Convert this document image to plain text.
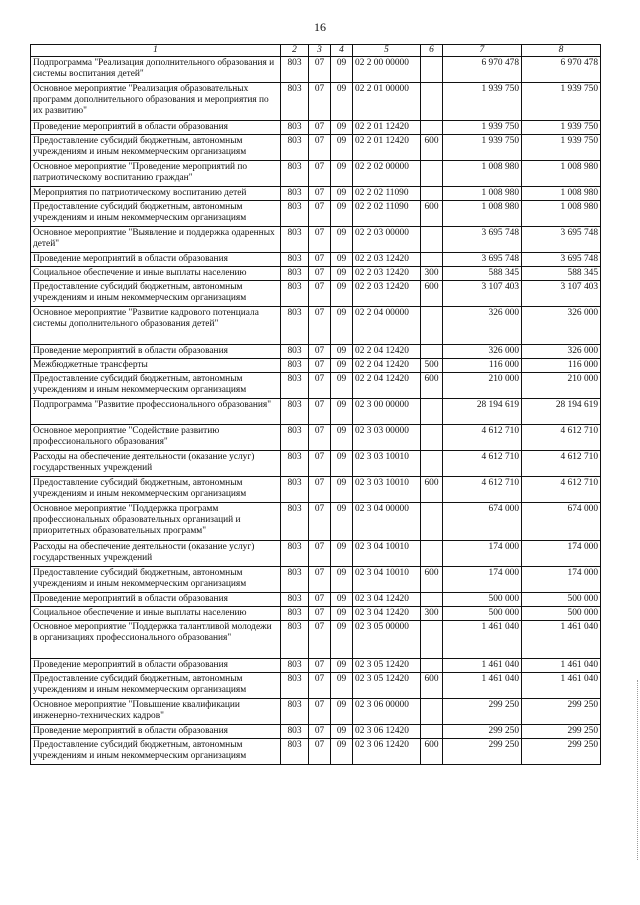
16
1	2	3	4	5	6	7	8
Подпрограмма "Реализация дополнительного образования и системы воспитания детей"	803	07	09	02 2 00 00000		6 970 478	6 970 478
Основное мероприятие "Реализация образовательных программ дополнительного образования и мероприятия по их развитию"	803	07	09	02 2 01 00000		1 939 750	1 939 750
Проведение мероприятий в области образования	803	07	09	02 2 01 12420		1 939 750	1 939 750
Предоставление субсидий бюджетным, автономным учреждениям и иным некоммерческим организациям	803	07	09	02 2 01 12420	600	1 939 750	1 939 750
Основное мероприятие "Проведение мероприятий по патриотическому воспитанию граждан"	803	07	09	02 2 02 00000		1 008 980	1 008 980
Мероприятия по патриотическому воспитанию детей	803	07	09	02 2 02 11090		1 008 980	1 008 980
Предоставление субсидий бюджетным, автономным учреждениям и иным некоммерческим организациям	803	07	09	02 2 02 11090	600	1 008 980	1 008 980
Основное мероприятие "Выявление и поддержка одаренных детей"	803	07	09	02 2 03 00000		3 695 748	3 695 748
Проведение мероприятий в области образования	803	07	09	02 2 03 12420		3 695 748	3 695 748
Социальное обеспечение и иные выплаты населению	803	07	09	02 2 03 12420	300	588 345	588 345
Предоставление субсидий бюджетным, автономным учреждениям и иным некоммерческим организациям	803	07	09	02 2 03 12420	600	3 107 403	3 107 403
Основное мероприятие "Развитие кадрового потенциала системы дополнительного образования детей"	803	07	09	02 2 04 00000		326 000	326 000
Проведение мероприятий в области образования	803	07	09	02 2 04 12420		326 000	326 000
Межбюджетные трансферты	803	07	09	02 2 04 12420	500	116 000	116 000
Предоставление субсидий бюджетным, автономным учреждениям и иным некоммерческим организациям	803	07	09	02 2 04 12420	600	210 000	210 000
Подпрограмма "Развитие профессионального образования"	803	07	09	02 3 00 00000		28 194 619	28 194 619
Основное мероприятие "Содействие развитию профессионального образования"	803	07	09	02 3 03 00000		4 612 710	4 612 710
Расходы на обеспечение деятельности (оказание услуг) государственных учреждений	803	07	09	02 3 03 10010		4 612 710	4 612 710
Предоставление субсидий бюджетным, автономным учреждениям и иным некоммерческим организациям	803	07	09	02 3 03 10010	600	4 612 710	4 612 710
Основное мероприятие "Поддержка программ профессиональных образовательных организаций и приоритетных образовательных программ"	803	07	09	02 3 04 00000		674 000	674 000
Расходы на обеспечение деятельности (оказание услуг) государственных учреждений	803	07	09	02 3 04 10010		174 000	174 000
Предоставление субсидий бюджетным, автономным учреждениям и иным некоммерческим организациям	803	07	09	02 3 04 10010	600	174 000	174 000
Проведение мероприятий в области образования	803	07	09	02 3 04 12420		500 000	500 000
Социальное обеспечение и иные выплаты населению	803	07	09	02 3 04 12420	300	500 000	500 000
Основное мероприятие "Поддержка талантливой молодежи в организациях профессионального образования"	803	07	09	02 3 05 00000		1 461 040	1 461 040
Проведение мероприятий в области образования	803	07	09	02 3 05 12420		1 461 040	1 461 040
Предоставление субсидий бюджетным, автономным учреждениям и иным некоммерческим организациям	803	07	09	02 3 05 12420	600	1 461 040	1 461 040
Основное мероприятие "Повышение квалификации инженерно-технических кадров"	803	07	09	02 3 06 00000		299 250	299 250
Проведение мероприятий в области образования	803	07	09	02 3 06 12420		299 250	299 250
Предоставление субсидий бюджетным, автономным учреждениям и иным некоммерческим организациям	803	07	09	02 3 06 12420	600	299 250	299 250
